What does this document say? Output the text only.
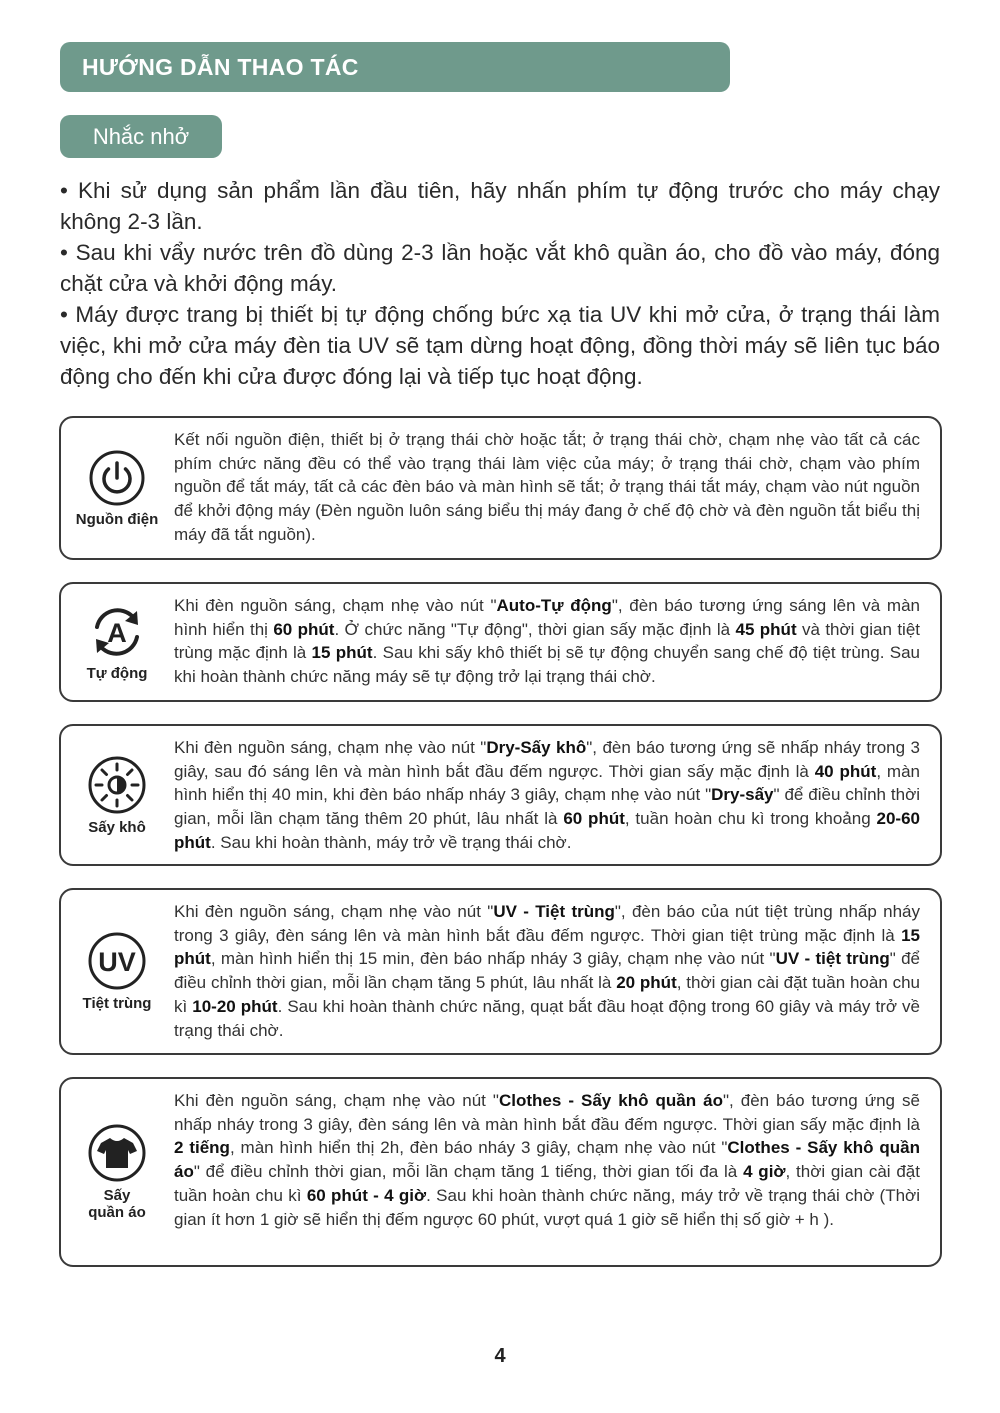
HƯỚNG DẪN THAO TÁC
Nhắc nhở

• Khi sử dụng sản phẩm lần đầu tiên, hãy nhấn phím tự động trước cho máy chạy không 2-3 lần.

• Sau khi vẩy nước trên đồ dùng 2-3 lần hoặc vắt khô quần áo, cho đồ vào máy, đóng chặt cửa và khởi động máy.

• Máy được trang bị thiết bị tự động chống bức xạ tia UV khi mở cửa, ở trạng thái làm việc, khi mở cửa máy đèn tia UV sẽ tạm dừng hoạt động, đồng thời máy sẽ liên tục báo động cho đến khi cửa được đóng lại và tiếp tục hoạt động.

Nguồn điện
Kết nối nguồn điện, thiết bị ở trạng thái chờ hoặc tắt; ở trạng thái chờ, chạm nhẹ vào tất cả các phím chức năng đều có thể vào trạng thái làm việc của máy; ở trạng thái chờ, chạm vào phím nguồn để tắt máy, tất cả các đèn báo và màn hình sẽ tắt; ở trạng thái tắt máy, chạm vào nút nguồn để khởi động máy (Đèn nguồn luôn sáng biểu thị máy đang ở chế độ chờ và đèn nguồn tắt biểu thị máy đã tắt nguồn).
A
Tự động
Khi đèn nguồn sáng, chạm nhẹ vào nút "Auto-Tự động", đèn báo tương ứng sáng lên và màn hình hiển thị 60 phút. Ở chức năng "Tự động", thời gian sấy mặc định là 45 phút và thời gian tiệt trùng mặc định là 15 phút. Sau khi sấy khô thiết bị sẽ tự động chuyển sang chế độ tiệt trùng. Sau khi hoàn thành chức năng máy sẽ tự động trở lại trạng thái chờ.
Sấy khô
Khi đèn nguồn sáng, chạm nhẹ vào nút "Dry-Sấy khô", đèn báo tương ứng sẽ nhấp nháy trong 3 giây, sau đó sáng lên và màn hình bắt đầu đếm ngược. Thời gian sấy mặc định là 40 phút, màn hình hiển thị 40 min, khi đèn báo nhấp nháy 3 giây, chạm nhẹ vào nút "Dry-sấy" để điều chỉnh thời gian, mỗi lần chạm tăng thêm 20 phút, lâu nhất là 60 phút, tuần hoàn chu kì trong khoảng 20-60 phút. Sau khi hoàn thành, máy trở về trạng thái chờ.
UV
Tiệt trùng
Khi đèn nguồn sáng, chạm nhẹ vào nút "UV - Tiệt trùng", đèn báo của nút tiệt trùng nhấp nháy trong 3 giây, đèn sáng lên và màn hình bắt đầu đếm ngược. Thời gian tiệt trùng mặc định là 15 phút, màn hình hiển thị 15 min, đèn báo nhấp nháy 3 giây, chạm nhẹ vào nút "UV - tiệt trùng" để điều chỉnh thời gian, mỗi lần chạm tăng 5 phút, lâu nhất là 20 phút, thời gian cài đặt tuần hoàn chu kì 10-20 phút. Sau khi hoàn thành chức năng, quạt bắt đầu hoạt động trong 60 giây và máy trở về trạng thái chờ.
Sấy
quần áo
Khi đèn nguồn sáng, chạm nhẹ vào nút "Clothes - Sấy khô quần áo", đèn báo tương ứng sẽ nhấp nháy trong 3 giây, đèn sáng lên và màn hình bắt đầu đếm ngược. Thời gian sấy mặc định là 2 tiếng, màn hình hiển thị 2h, đèn báo nháy 3 giây, chạm nhẹ vào nút "Clothes - Sấy khô quần áo" để điều chỉnh thời gian, mỗi lần chạm tăng 1 tiếng, thời gian tối đa là 4 giờ, thời gian cài đặt tuần hoàn chu kì 60 phút - 4 giờ. Sau khi hoàn thành chức năng, máy trở về trạng thái chờ (Thời gian ít hơn 1 giờ sẽ hiển thị đếm ngược 60 phút, vượt quá 1 giờ sẽ hiển thị số giờ + h ).
4
